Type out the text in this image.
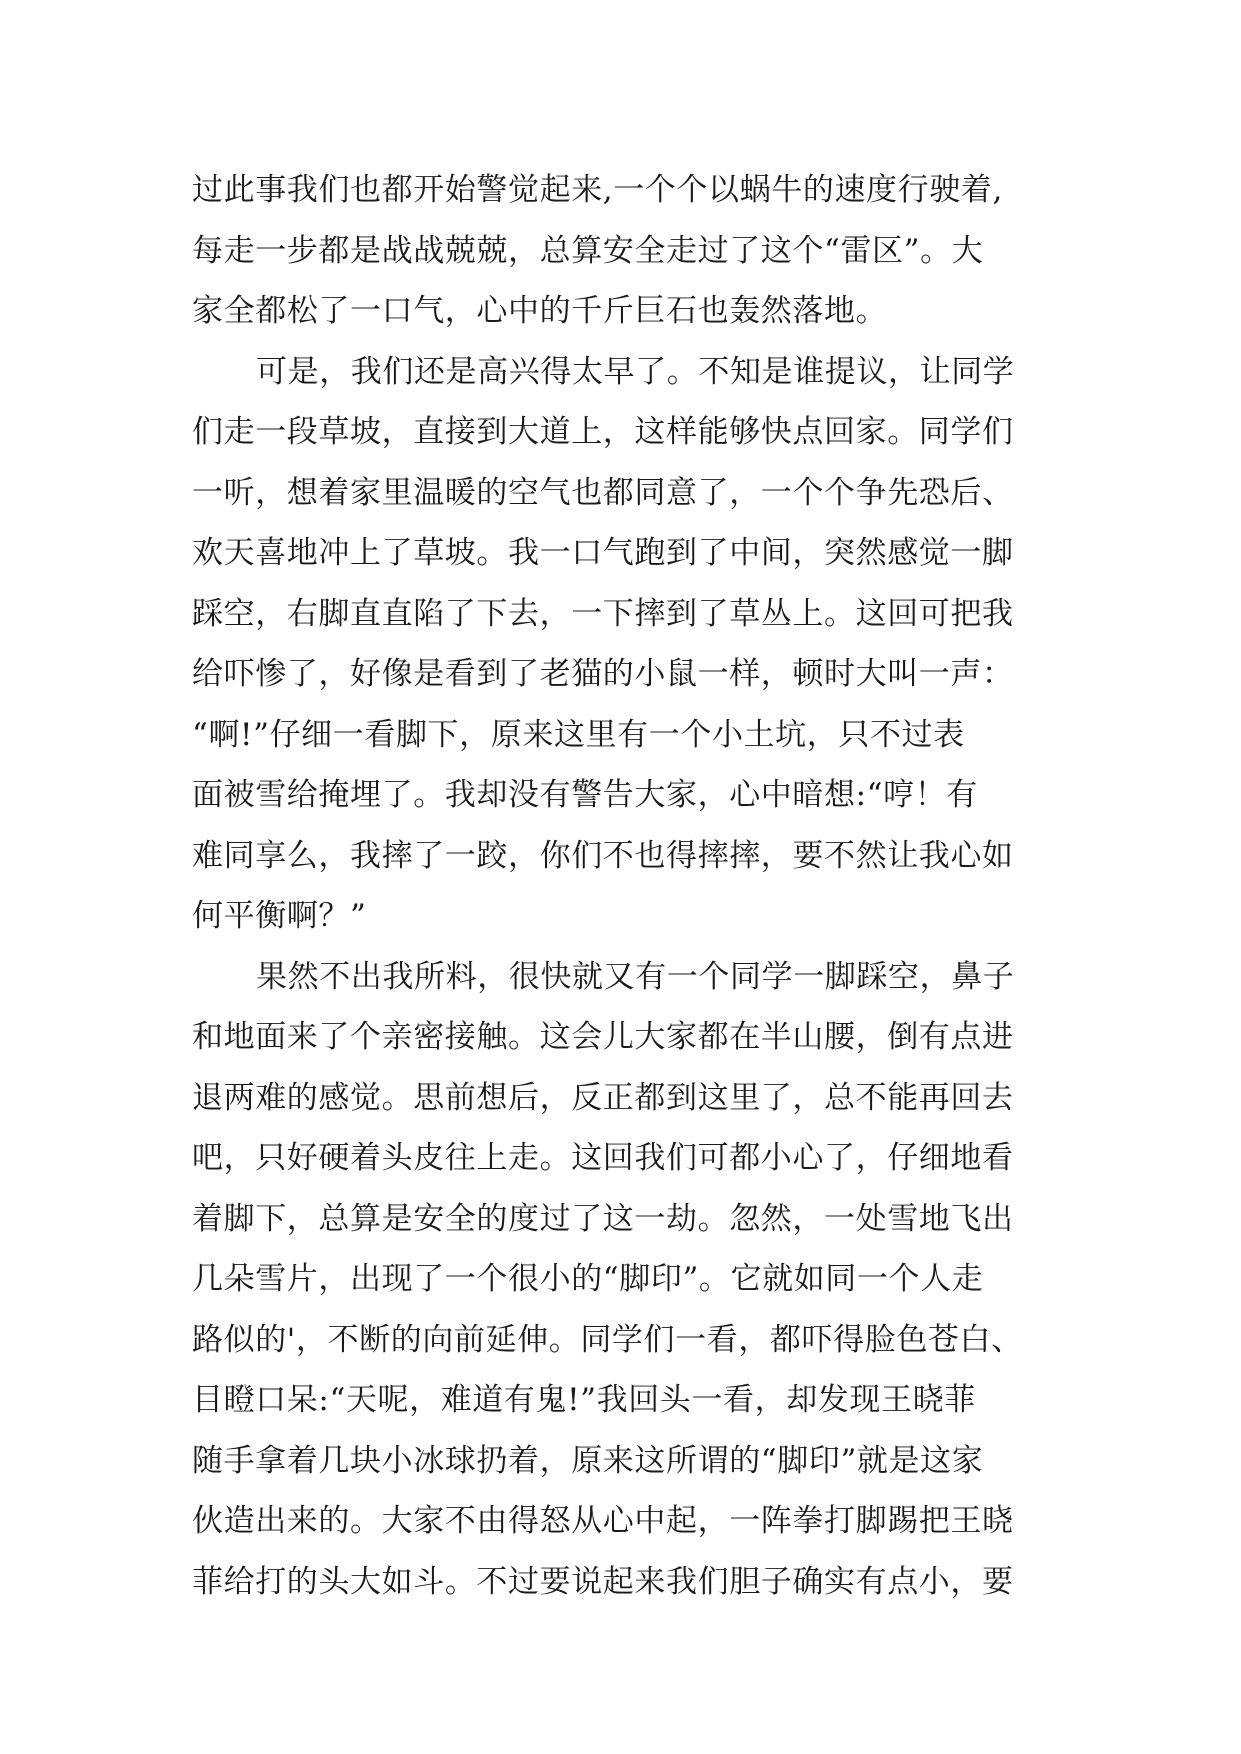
过此事我们也都开始警觉起来,一个个以蜗牛的速度行驶着,
每走一步都是战战兢兢，总算安全走过了这个“雷区”。大
家全都松了一口气，心中的千斤巨石也轰然落地。
可是，我们还是高兴得太早了。不知是谁提议，让同学
们走一段草坡，直接到大道上，这样能够快点回家。同学们
一听，想着家里温暖的空气也都同意了，一个个争先恐后、
欢天喜地冲上了草坡。我一口气跑到了中间，突然感觉一脚
踩空，右脚直直陷了下去，一下摔到了草丛上。这回可把我
给吓惨了，好像是看到了老猫的小鼠一样，顿时大叫一声：
“啊!”仔细一看脚下，原来这里有一个小土坑，只不过表
面被雪给掩埋了。我却没有警告大家，心中暗想:“哼！有
难同享么，我摔了一跤，你们不也得摔摔，要不然让我心如
何平衡啊？”
果然不出我所料，很快就又有一个同学一脚踩空，鼻子
和地面来了个亲密接触。这会儿大家都在半山腰，倒有点进
退两难的感觉。思前想后，反正都到这里了，总不能再回去
吧，只好硬着头皮往上走。这回我们可都小心了，仔细地看
着脚下，总算是安全的度过了这一劫。忽然，一处雪地飞出
几朵雪片，出现了一个很小的“脚印”。它就如同一个人走
路似的'，不断的向前延伸。同学们一看，都吓得脸色苍白、
目瞪口呆:“天呢，难道有鬼!”我回头一看，却发现王晓菲
随手拿着几块小冰球扔着，原来这所谓的“脚印”就是这家
伙造出来的。大家不由得怒从心中起，一阵拳打脚踢把王晓
菲给打的头大如斗。不过要说起来我们胆子确实有点小，要
